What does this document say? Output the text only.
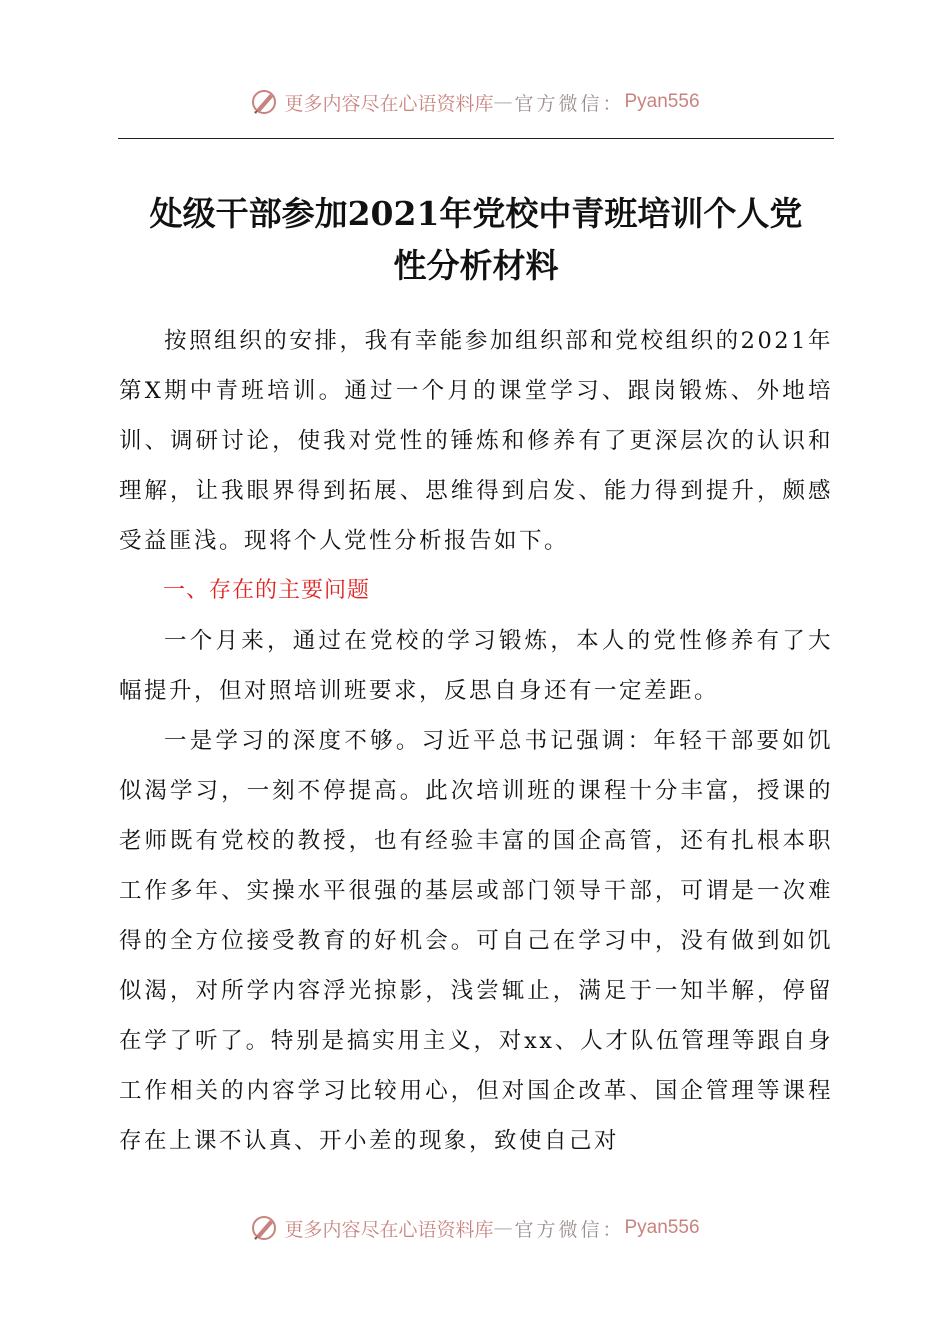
更多内容尽在心语资料库 — 官方微信： Pyan556
处级干部参加2021年党校中青班培训个人党
性分析材料

按照组织的安排，我有幸能参加组织部和党校组织的2021年第X期中青班培训。通过一个月的课堂学习、跟岗锻炼、外地培训、调研讨论，使我对党性的锤炼和修养有了更深层次的认识和理解，让我眼界得到拓展、思维得到启发、能力得到提升，颇感受益匪浅。现将个人党性分析报告如下。

一、存在的主要问题

一个月来，通过在党校的学习锻炼，本人的党性修养有了大幅提升，但对照培训班要求，反思自身还有一定差距。

一是学习的深度不够。习近平总书记强调：年轻干部要如饥似渴学习，一刻不停提高。此次培训班的课程十分丰富，授课的老师既有党校的教授，也有经验丰富的国企高管，还有扎根本职工作多年、实操水平很强的基层或部门领导干部，可谓是一次难得的全方位接受教育的好机会。可自己在学习中，没有做到如饥似渴，对所学内容浮光掠影，浅尝辄止，满足于一知半解，停留在学了听了。特别是搞实用主义，对xx、人才队伍管理等跟自身工作相关的内容学习比较用心，但对国企改革、国企管理等课程存在上课不认真、开小差的现象，致使自己对

更多内容尽在心语资料库 — 官方微信： Pyan556
